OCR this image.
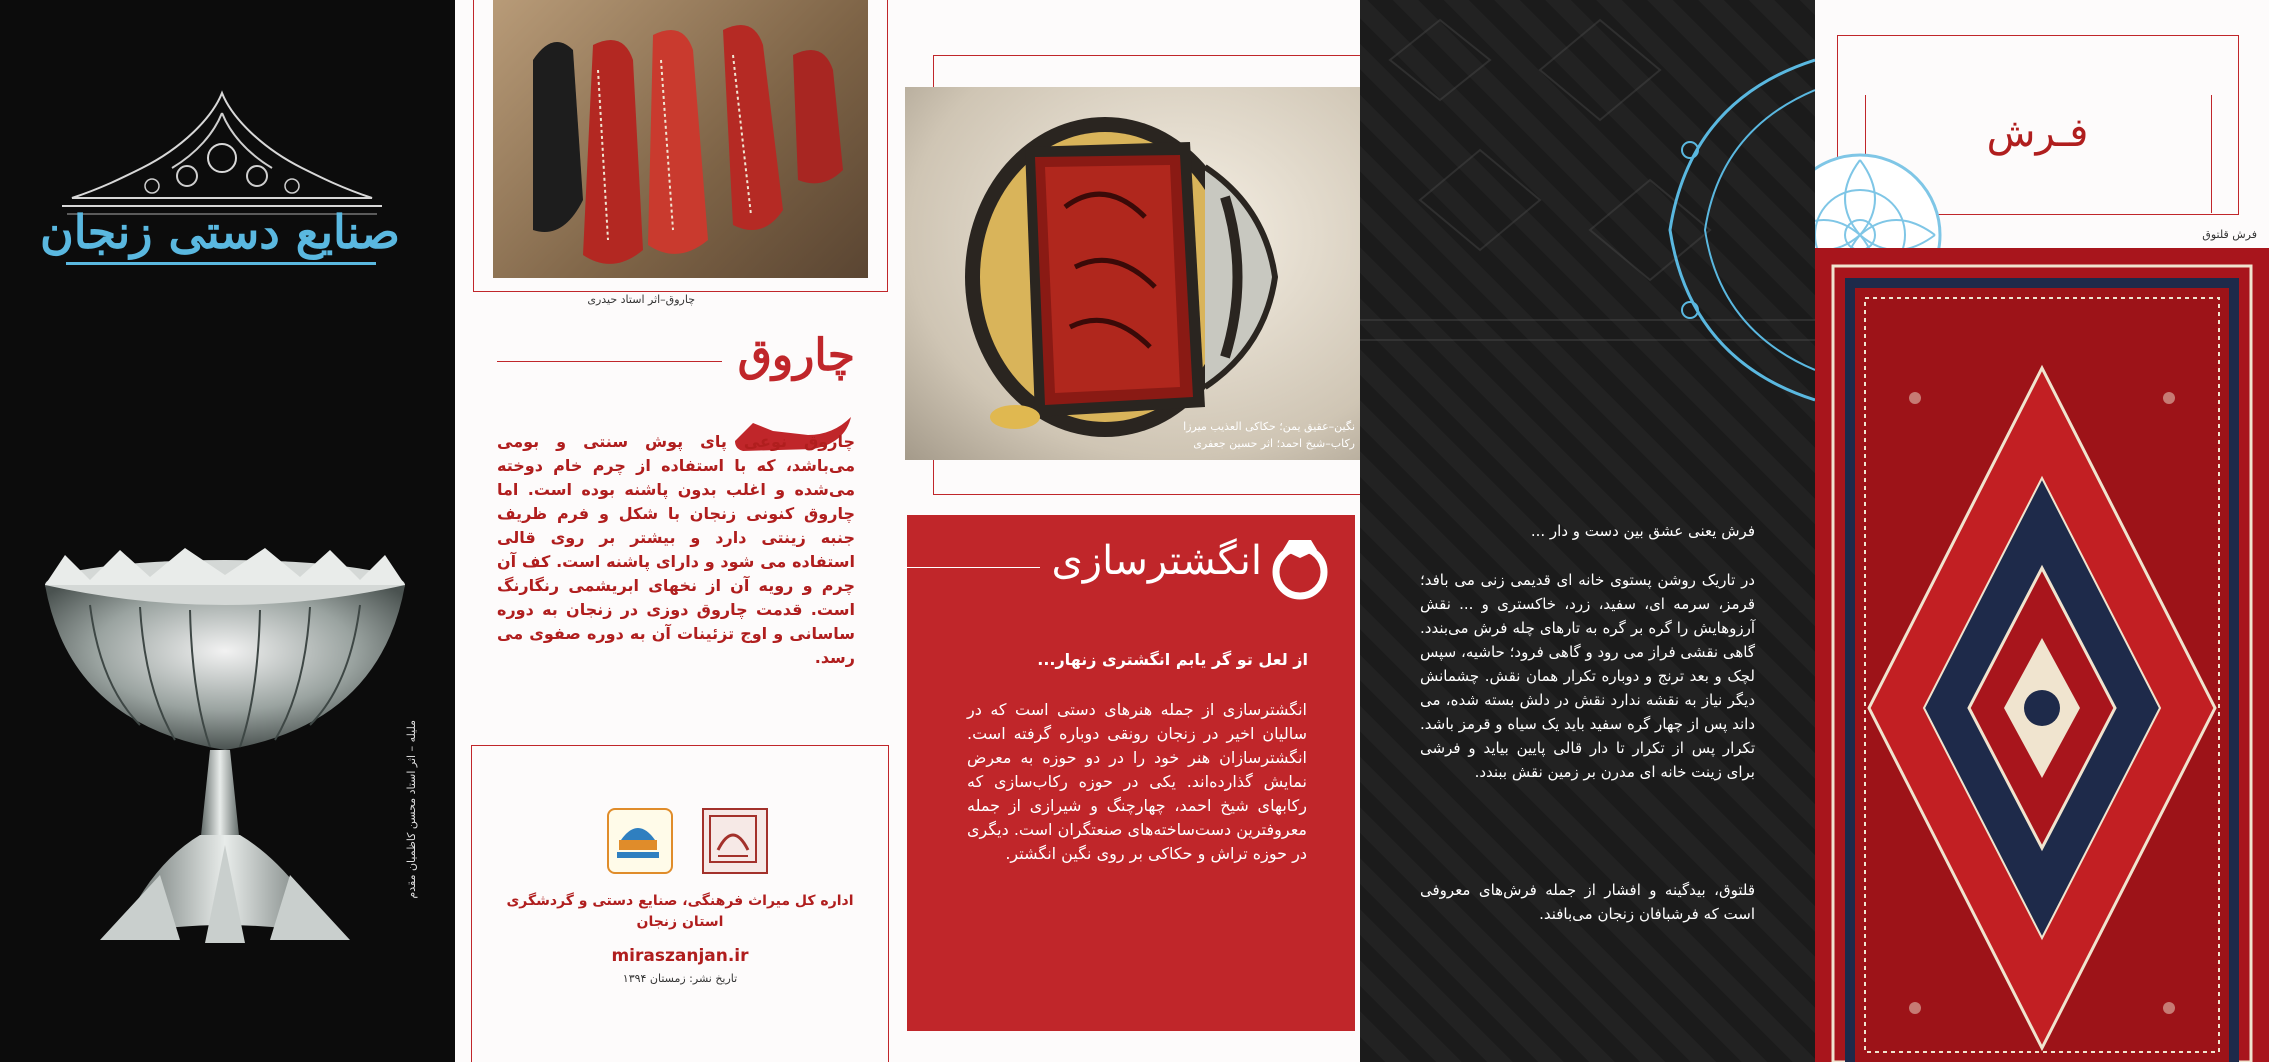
صنایع دستی زنجان
ملیله – اثر استاد محسن کاظمیان مقدم
چاروق–اثر استاد حیدری
چاروق
چاروق نوعی پای پوش سنتی و بومی می‌باشد، که با استفاده از چرم خام دوخته می‌شده و اغلب بدون پاشنه بوده است. اما چاروق کنونی زنجان با شکل و فرم ظریف جنبه زینتی دارد و بیشتر بر روی قالی استفاده می شود و دارای پاشنه است. کف آن چرم و رویه آن از نخهای ابریشمی رنگارنگ است. قدمت چاروق دوزی در زنجان به دوره ساسانی و اوج تزئینات آن به دوره صفوی می رسد.
اداره کل میراث فرهنگی، صنایع دستی و گردشگری
استان زنجان
miraszanjan.ir
تاریخ نشر: زمستان ۱۳۹۴
نگین–عقیق یمن؛ حکاکی العذیب میرزا
رکاب–شیخ احمد؛ اثر حسین جعفری
انگشترسازی
از لعل تو گر یابم انگشتری زنهار...
انگشترسازی از جمله هنرهای دستی است که در سالیان اخیر در زنجان رونقی دوباره گرفته است. انگشترسازان هنر خود را در دو حوزه به معرض نمایش گذارده‌اند. یکی در حوزه رکاب‌سازی که رکابهای شیخ احمد، چهارچنگ و شیرازی از جمله معروفترین دست‌ساخته‌های صنعتگران است. دیگری در حوزه تراش و حکاکی بر روی نگین انگشتر.
فرش یعنی عشق بین دست و دار ...
در تاریک روشن پستوی خانه ای قدیمی زنی می بافد؛ قرمز، سرمه ای، سفید، زرد، خاکستری و ... نقش آرزوهایش را گره بر گره به تارهای چله فرش می‌بندد. گاهی نقشی فراز می رود و گاهی فرود؛ حاشیه، سپس لچک و بعد ترنج و دوباره تکرار همان نقش. چشمانش دیگر نیاز به نقشه ندارد نقش در دلش بسته شده، می داند پس از چهار گره سفید باید یک سیاه و قرمز باشد. تکرار پس از تکرار تا دار قالی پایین بیاید و فرشی برای زینت خانه ای مدرن بر زمین نقش ببندد.
قلتوق، بیدگینه و افشار از جمله فرش‌های معروفی است که فرشبافان زنجان می‌بافند.
فـرش
فرش قلتوق
